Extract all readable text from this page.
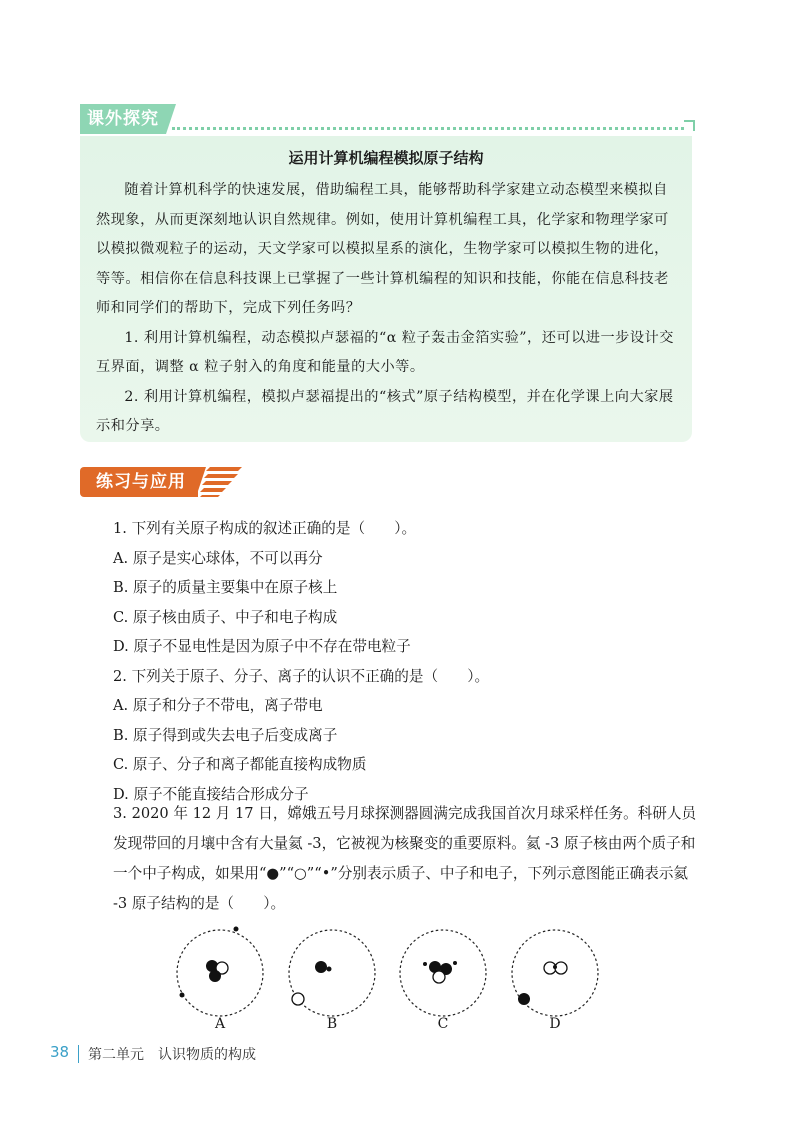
课外探究
运用计算机编程模拟原子结构

随着计算机科学的快速发展，借助编程工具，能够帮助科学家建立动态模型来模拟自然现象，从而更深刻地认识自然规律。例如，使用计算机编程工具，化学家和物理学家可以模拟微观粒子的运动，天文学家可以模拟星系的演化，生物学家可以模拟生物的进化，等等。相信你在信息科技课上已掌握了一些计算机编程的知识和技能，你能在信息科技老师和同学们的帮助下，完成下列任务吗？

1. 利用计算机编程，动态模拟卢瑟福的“α 粒子轰击金箔实验”，还可以进一步设计交互界面，调整 α 粒子射入的角度和能量的大小等。

2. 利用计算机编程，模拟卢瑟福提出的“核式”原子结构模型，并在化学课上向大家展示和分享。

练习与应用

1. 下列有关原子构成的叙述正确的是（　　）。

A. 原子是实心球体，不可以再分

B. 原子的质量主要集中在原子核上

C. 原子核由质子、中子和电子构成

D. 原子不显电性是因为原子中不存在带电粒子

2. 下列关于原子、分子、离子的认识不正确的是（　　）。

A. 原子和分子不带电，离子带电

B. 原子得到或失去电子后变成离子

C. 原子、分子和离子都能直接构成物质

D. 原子不能直接结合形成分子

3. 2020 年 12 月 17 日，嫦娥五号月球探测器圆满完成我国首次月球采样任务。科研人员发现带回的月壤中含有大量氦 -3，它被视为核聚变的重要原料。氦 -3 原子核由两个质子和一个中子构成，如果用“●”“○”“•”分别表示质子、中子和电子，下列示意图能正确表示氦 -3 原子结构的是（　　）。

A	B	C	D
38 第二单元　认识物质的构成
